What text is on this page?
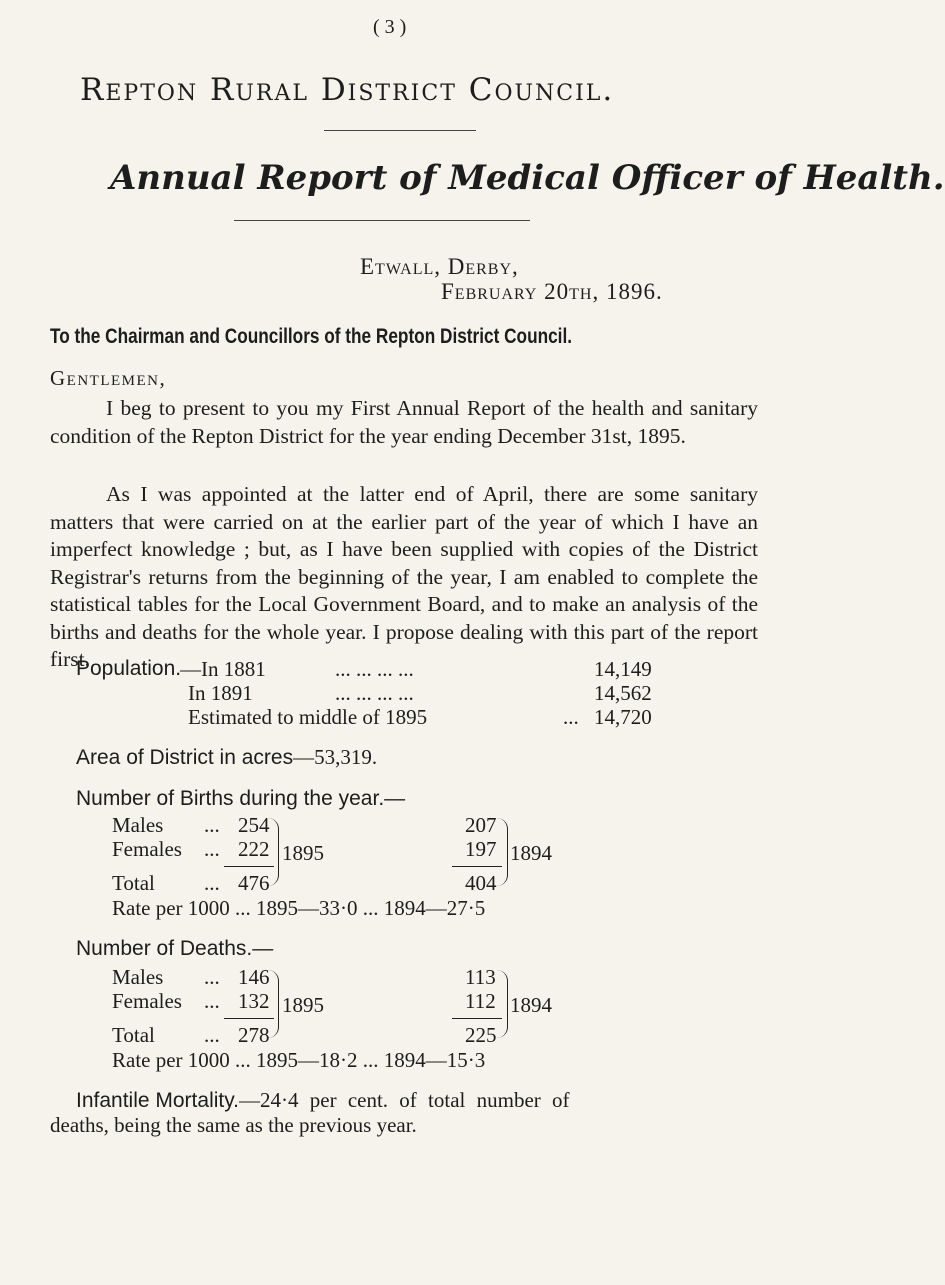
( 3 )
Repton Rural District Council.
Annual Report of Medical Officer of Health.
Etwall, Derby,
February 20th, 1896.
To the Chairman and Councillors of the Repton District Council.
Gentlemen,

I beg to present to you my First Annual Report of the health and sanitary condition of the Repton District for the year ending December 31st, 1895.

As I was appointed at the latter end of April, there are some sanitary matters that were carried on at the earlier part of the year of which I have an imperfect knowledge ; but, as I have been supplied with copies of the District Registrar's returns from the beginning of the year, I am enabled to complete the statistical tables for the Local Government Board, and to make an analysis of the births and deaths for the whole year. I propose dealing with this part of the report first.

Population.
—In 1881	... ... ... ...	14,149
In 1891	... ... ... ...	14,562
Estimated to middle of 1895	... 14,720
Area of District in acres—53,319.
Number of Births during the year.—
Males ... 254	207
Females ... 222	197
1895	1894
Total ... 476	404
Rate per 1000 ... 1895—33·0 ... 1894—27·5
Number of Deaths.—
Males ... 146	113
Females ... 132	112
1895	1894
Total ... 278	225
Rate per 1000 ... 1895—18·2 ... 1894—15·3
Infantile Mortality.—24·4 per cent. of total number of
deaths, being the same as the previous year.
